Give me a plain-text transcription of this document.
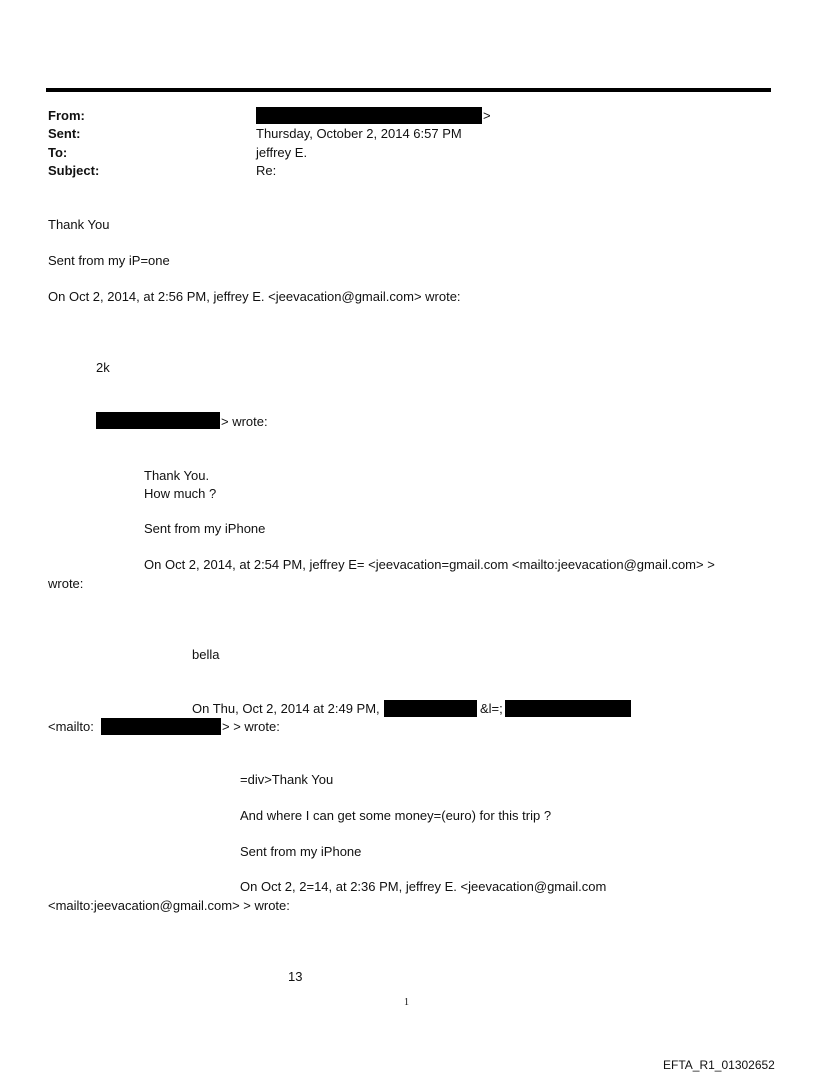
From:	>
Sent:	Thursday, October 2, 2014 6:57 PM
To:	jeffrey E.
Subject:	Re:
Thank You
Sent from my iP=one
On Oct 2, 2014, at 2:56 PM, jeffrey E. <jeevacation@gmail.com> wrote:
2k
> wrote:
Thank You.
How much ?
Sent from my iPhone
On Oct 2, 2014, at 2:54 PM, jeffrey E= <jeevacation=gmail.com <mailto:jeevacation@gmail.com> >
wrote:
bella
On Thu, Oct 2, 2014 at 2:49 PM,	&l=;
<mailto:	> > wrote:
=div>Thank You
And where I can get some money=(euro) for this trip ?
Sent from my iPhone
On Oct 2, 2=14, at 2:36 PM, jeffrey E. <jeevacation@gmail.com
<mailto:jeevacation@gmail.com> > wrote:
13
1
EFTA_R1_01302652
